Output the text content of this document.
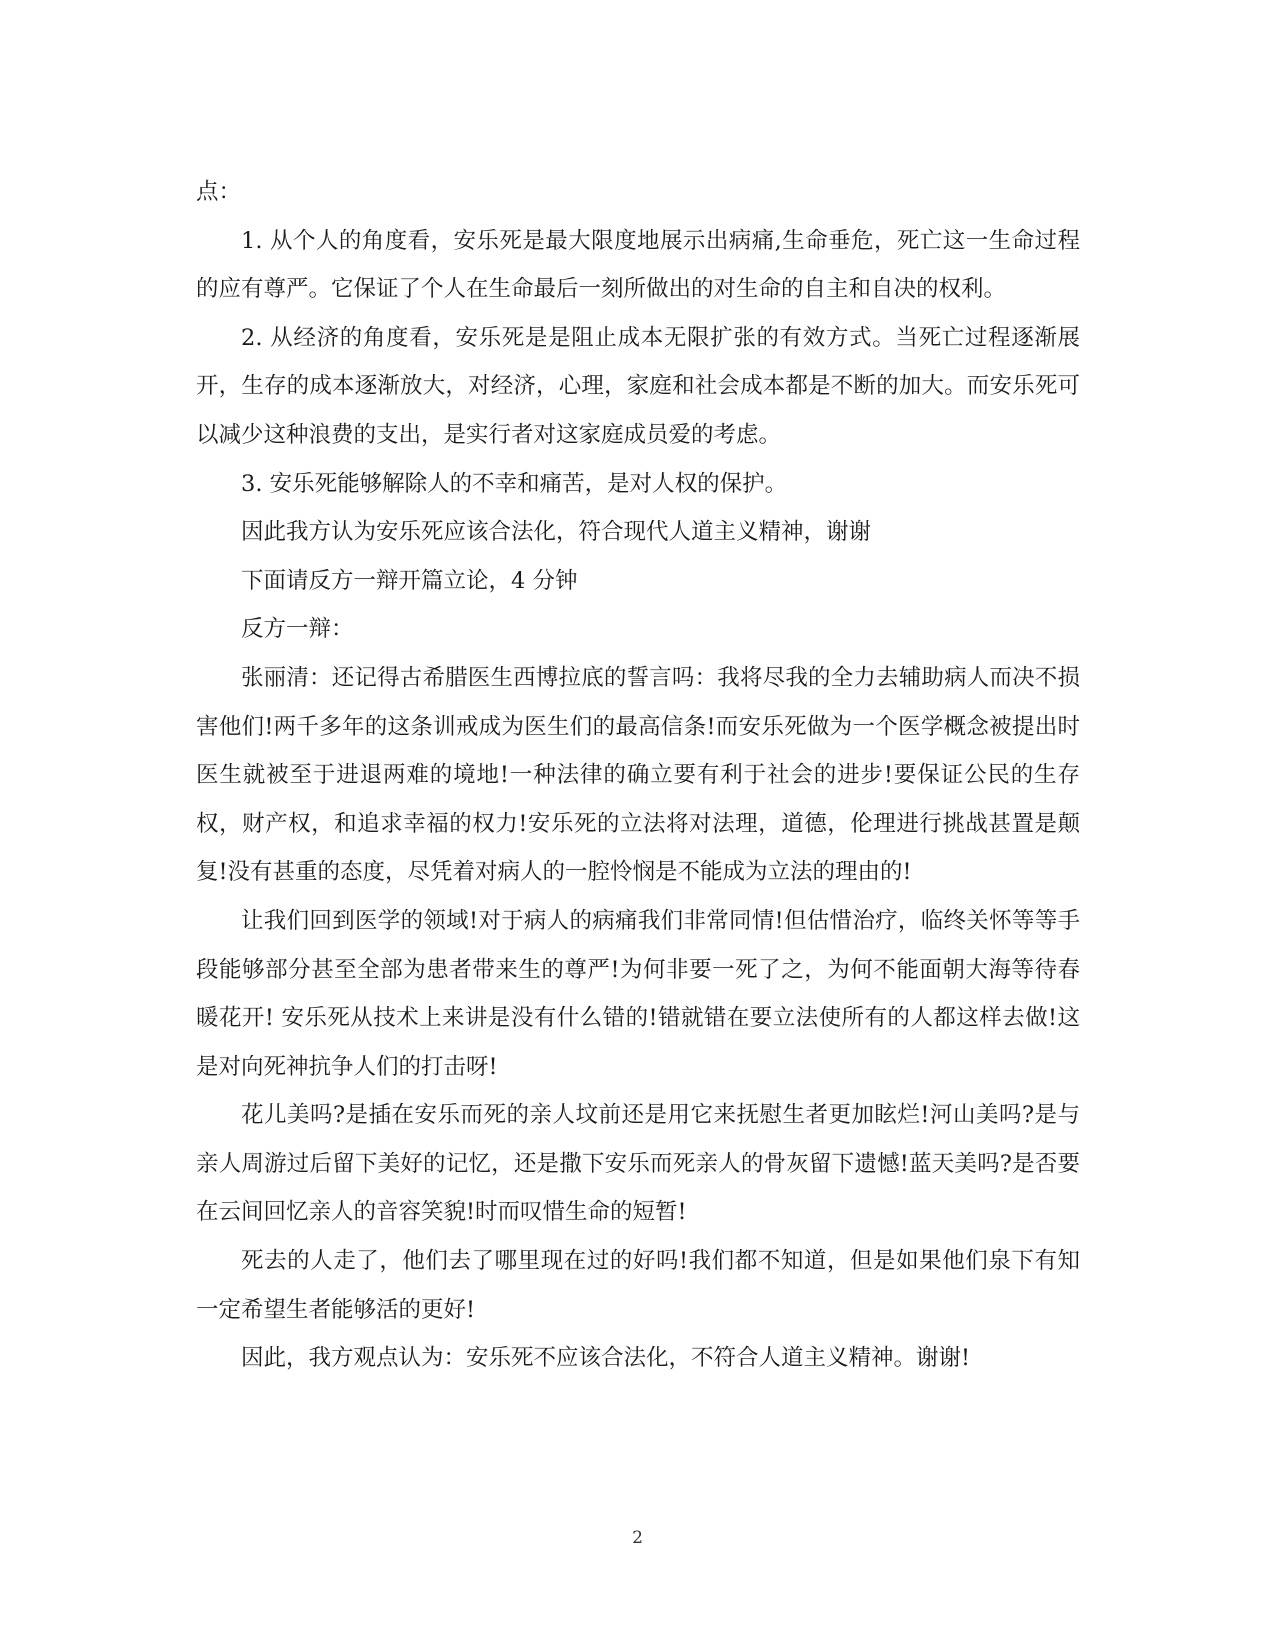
点：

1. 从个人的角度看，安乐死是最大限度地展示出病痛,生命垂危，死亡这一生命过程的应有尊严。它保证了个人在生命最后一刻所做出的对生命的自主和自决的权利。

2. 从经济的角度看，安乐死是是阻止成本无限扩张的有效方式。当死亡过程逐渐展开，生存的成本逐渐放大，对经济，心理，家庭和社会成本都是不断的加大。而安乐死可以减少这种浪费的支出，是实行者对这家庭成员爱的考虑。

3. 安乐死能够解除人的不幸和痛苦，是对人权的保护。

因此我方认为安乐死应该合法化，符合现代人道主义精神，谢谢

下面请反方一辩开篇立论，4 分钟

反方一辩：

张丽清：还记得古希腊医生西博拉底的誓言吗：我将尽我的全力去辅助病人而决不损害他们!两千多年的这条训戒成为医生们的最高信条!而安乐死做为一个医学概念被提出时医生就被至于进退两难的境地!一种法律的确立要有利于社会的进步!要保证公民的生存权，财产权，和追求幸福的权力!安乐死的立法将对法理，道德，伦理进行挑战甚置是颠复!没有甚重的态度，尽凭着对病人的一腔怜悯是不能成为立法的理由的!

让我们回到医学的领域!对于病人的病痛我们非常同情!但估惜治疗，临终关怀等等手段能够部分甚至全部为患者带来生的尊严!为何非要一死了之，为何不能面朝大海等待春暖花开! 安乐死从技术上来讲是没有什么错的!错就错在要立法使所有的人都这样去做!这是对向死神抗争人们的打击呀!

花儿美吗?是插在安乐而死的亲人坟前还是用它来抚慰生者更加眩烂!河山美吗?是与亲人周游过后留下美好的记忆，还是撒下安乐而死亲人的骨灰留下遗憾!蓝天美吗?是否要在云间回忆亲人的音容笑貌!时而叹惜生命的短暂!

死去的人走了，他们去了哪里现在过的好吗!我们都不知道，但是如果他们泉下有知一定希望生者能够活的更好!

因此，我方观点认为：安乐死不应该合法化，不符合人道主义精神。谢谢!

2
